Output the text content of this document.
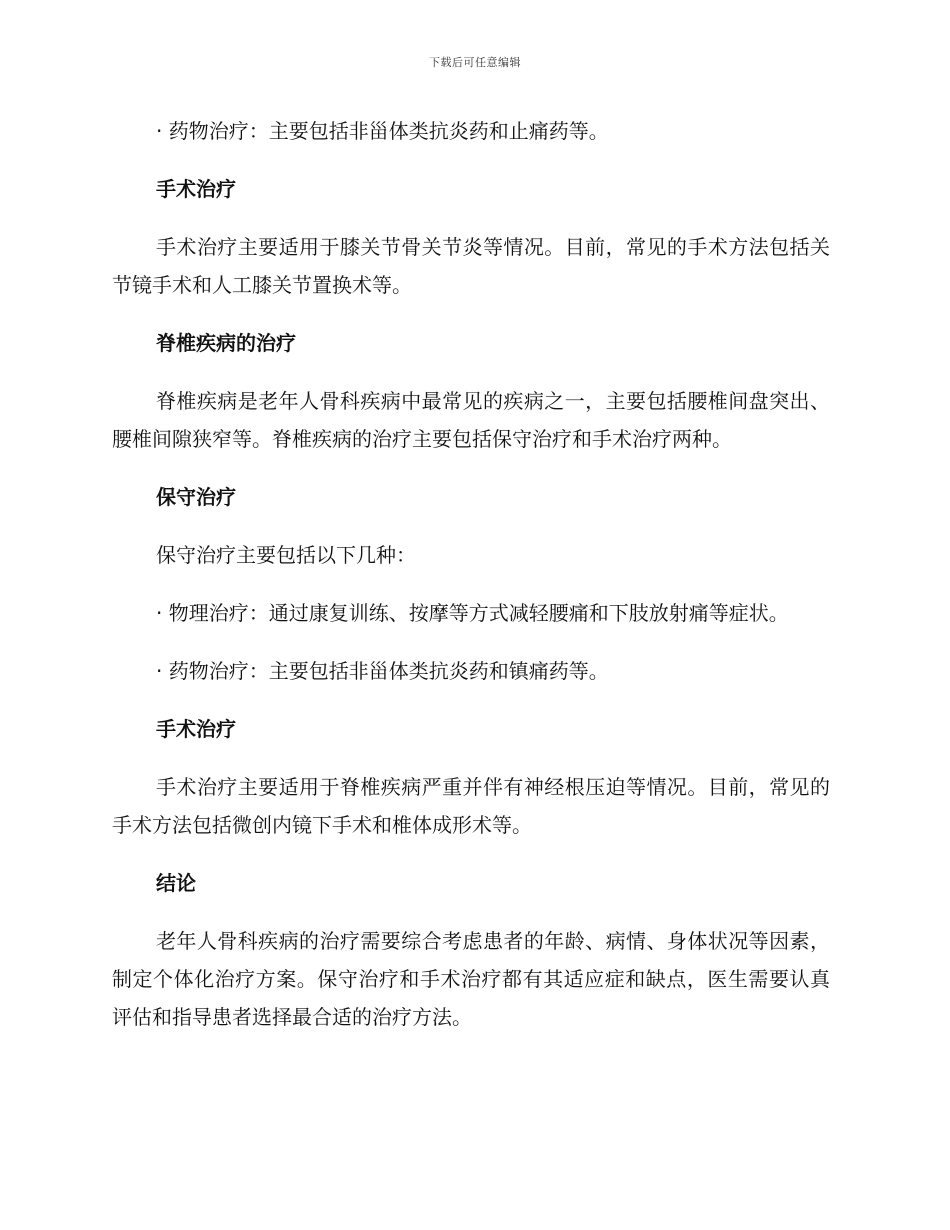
下载后可任意编辑

· 药物治疗：主要包括非甾体类抗炎药和止痛药等。

手术治疗

手术治疗主要适用于膝关节骨关节炎等情况。目前，常见的手术方法包括关节镜手术和人工膝关节置换术等。

脊椎疾病的治疗

脊椎疾病是老年人骨科疾病中最常见的疾病之一，主要包括腰椎间盘突出、腰椎间隙狭窄等。脊椎疾病的治疗主要包括保守治疗和手术治疗两种。

保守治疗

保守治疗主要包括以下几种：

· 物理治疗：通过康复训练、按摩等方式减轻腰痛和下肢放射痛等症状。

· 药物治疗：主要包括非甾体类抗炎药和镇痛药等。

手术治疗

手术治疗主要适用于脊椎疾病严重并伴有神经根压迫等情况。目前，常见的手术方法包括微创内镜下手术和椎体成形术等。

结论

老年人骨科疾病的治疗需要综合考虑患者的年龄、病情、身体状况等因素，制定个体化治疗方案。保守治疗和手术治疗都有其适应症和缺点，医生需要认真评估和指导患者选择最合适的治疗方法。
